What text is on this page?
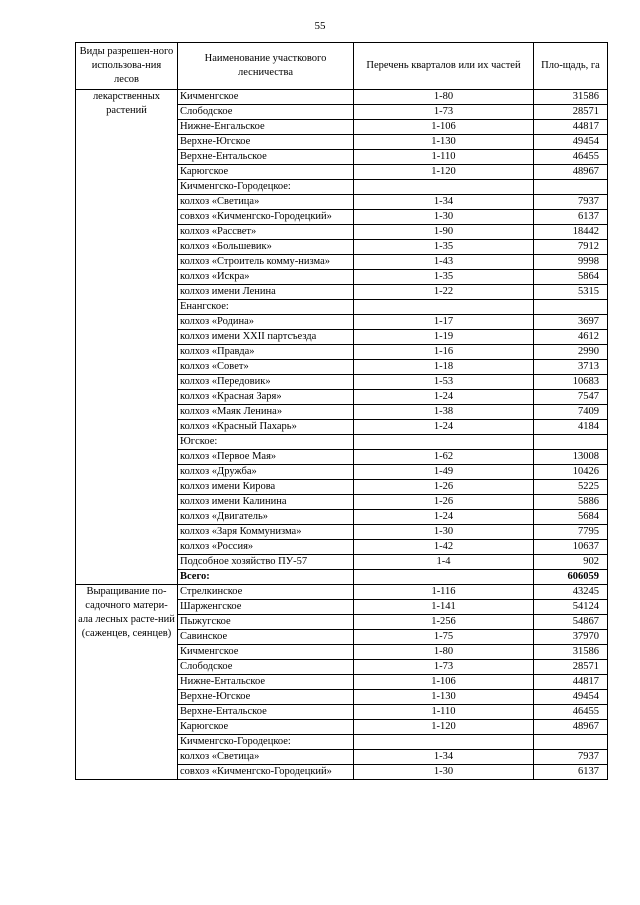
55
Виды разрешен-ного использова-ния лесов	Наименование участкового лесничества	Перечень кварталов или их частей	Пло-щадь, га
лекарственных растений	Кичменгское	1-80	31586
	Слободское	1-73	28571
	Нижне-Енгальское	1-106	44817
	Верхне-Югское	1-130	49454
	Верхне-Ентальское	1-110	46455
	Карюгское	1-120	48967
	Кичменгско-Городецкое:		
	колхоз «Светица»	1-34	7937
	совхоз «Кичменгско-Городецкий»	1-30	6137
	колхоз «Рассвет»	1-90	18442
	колхоз «Большевик»	1-35	7912
	колхоз «Строитель комму-низма»	1-43	9998
	колхоз «Искра»	1-35	5864
	колхоз имени Ленина	1-22	5315
	Енангское:		
	колхоз «Родина»	1-17	3697
	колхоз имени XXII партсъезда	1-19	4612
	колхоз «Правда»	1-16	2990
	колхоз «Совет»	1-18	3713
	колхоз «Передовик»	1-53	10683
	колхоз «Красная Заря»	1-24	7547
	колхоз «Маяк Ленина»	1-38	7409
	колхоз «Красный Пахарь»	1-24	4184
	Югское:		
	колхоз «Первое Мая»	1-62	13008
	колхоз «Дружба»	1-49	10426
	колхоз имени Кирова	1-26	5225
	колхоз имени Калинина	1-26	5886
	колхоз «Двигатель»	1-24	5684
	колхоз «Заря Коммунизма»	1-30	7795
	колхоз «Россия»	1-42	10637
	Подсобное хозяйство ПУ-57	1-4	902
	Всего:		606059
Выращивание по-садочного матери-ала лесных расте-ний (саженцев, сеянцев)	Стрелкинское	1-116	43245
	Шарженгское	1-141	54124
	Пыжугское	1-256	54867
	Савинское	1-75	37970
	Кичменгское	1-80	31586
	Слободское	1-73	28571
	Нижне-Ентальское	1-106	44817
	Верхне-Югское	1-130	49454
	Верхне-Ентальское	1-110	46455
	Карюгское	1-120	48967
	Кичменгско-Городецкое:		
	колхоз «Светица»	1-34	7937
	совхоз «Кичменгско-Городецкий»	1-30	6137
